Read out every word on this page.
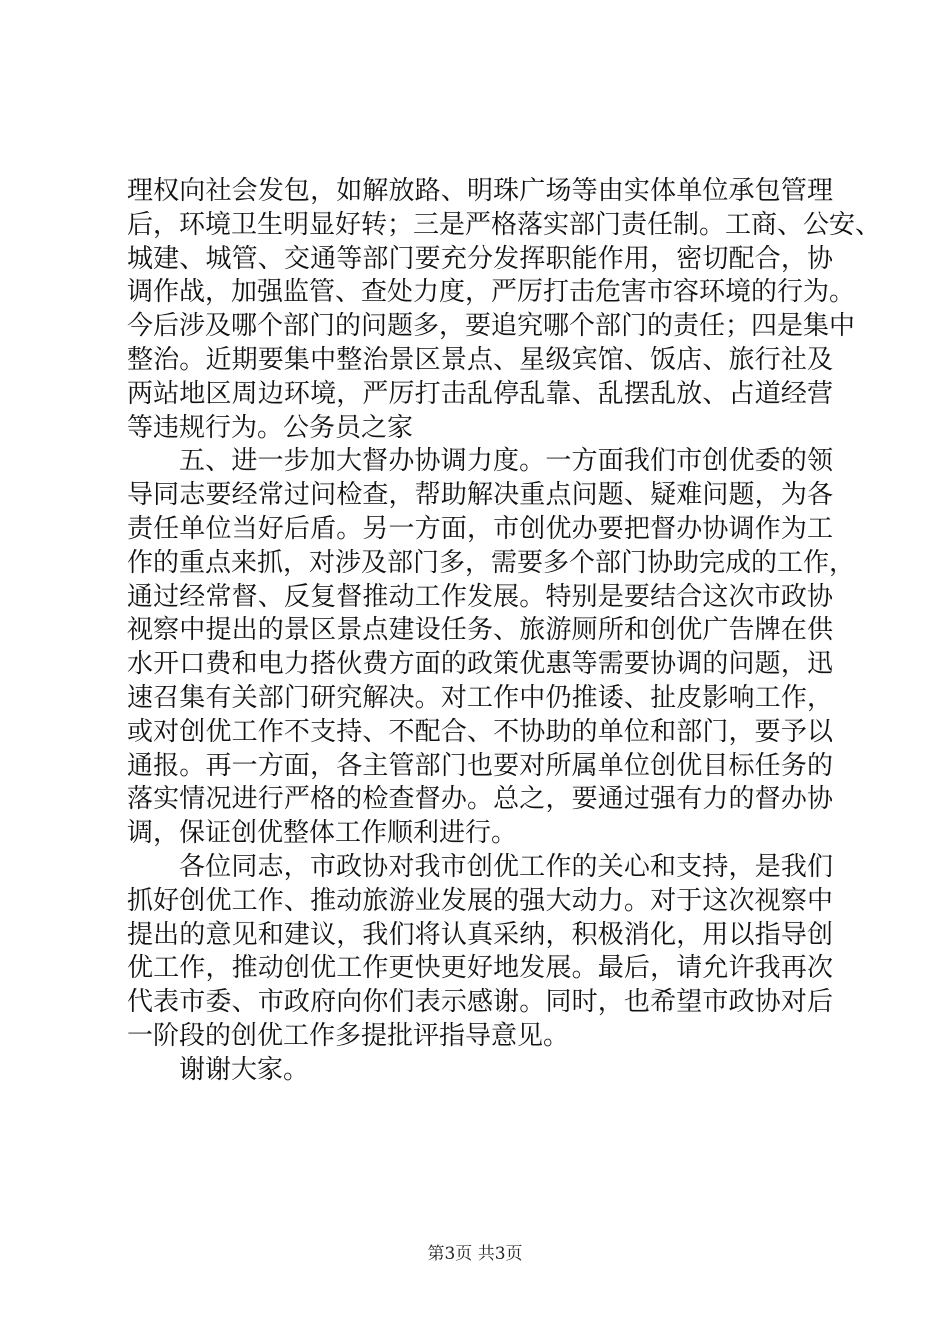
理权向社会发包，如解放路、明珠广场等由实体单位承包管理
后，环境卫生明显好转；三是严格落实部门责任制。工商、公安、
城建、城管、交通等部门要充分发挥职能作用，密切配合，协
调作战，加强监管、查处力度，严厉打击危害市容环境的行为。
今后涉及哪个部门的问题多，要追究哪个部门的责任；四是集中
整治。近期要集中整治景区景点、星级宾馆、饭店、旅行社及
两站地区周边环境，严厉打击乱停乱靠、乱摆乱放、占道经营
等违规行为。公务员之家
五、进一步加大督办协调力度。一方面我们市创优委的领
导同志要经常过问检查，帮助解决重点问题、疑难问题，为各
责任单位当好后盾。另一方面，市创优办要把督办协调作为工
作的重点来抓，对涉及部门多，需要多个部门协助完成的工作，
通过经常督、反复督推动工作发展。特别是要结合这次市政协
视察中提出的景区景点建设任务、旅游厕所和创优广告牌在供
水开口费和电力搭伙费方面的政策优惠等需要协调的问题，迅
速召集有关部门研究解决。对工作中仍推诿、扯皮影响工作，
或对创优工作不支持、不配合、不协助的单位和部门，要予以
通报。再一方面，各主管部门也要对所属单位创优目标任务的
落实情况进行严格的检查督办。总之，要通过强有力的督办协
调，保证创优整体工作顺利进行。
各位同志，市政协对我市创优工作的关心和支持，是我们
抓好创优工作、推动旅游业发展的强大动力。对于这次视察中
提出的意见和建议，我们将认真采纳，积极消化，用以指导创
优工作，推动创优工作更快更好地发展。最后，请允许我再次
代表市委、市政府向你们表示感谢。同时，也希望市政协对后
一阶段的创优工作多提批评指导意见。
谢谢大家。
第3页 共3页
